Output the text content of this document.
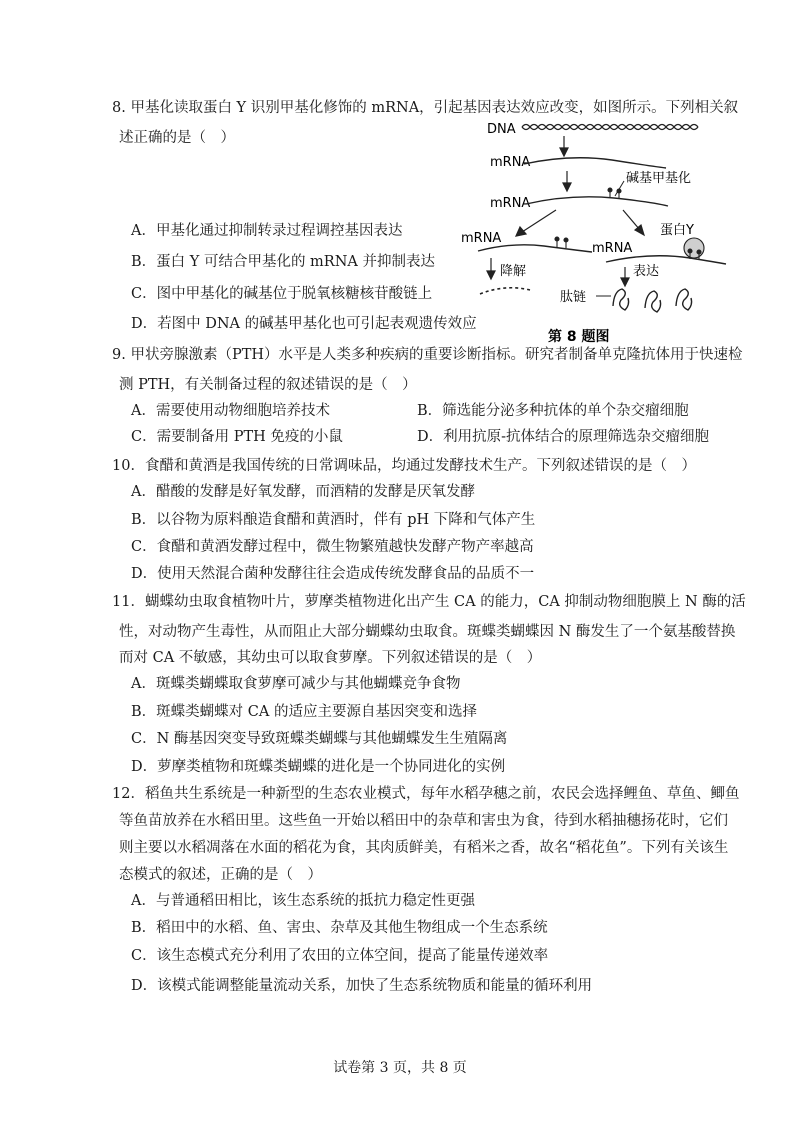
8. 甲基化读取蛋白 Y 识别甲基化修饰的 mRNA，引起基因表达效应改变，如图所示。下列相关叙
述正确的是（　）
A．甲基化通过抑制转录过程调控基因表达
B．蛋白 Y 可结合甲基化的 mRNA 并抑制表达
C．图中甲基化的碱基位于脱氧核糖核苷酸链上
D．若图中 DNA 的碱基甲基化也可引起表观遗传效应
DNA
mRNA
碱基甲基化
mRNA
mRNA
mRNA
蛋白Y
降解	表达
肽链
第 8 题图
9. 甲状旁腺激素（PTH）水平是人类多种疾病的重要诊断指标。研究者制备单克隆抗体用于快速检
测 PTH，有关制备过程的叙述错误的是（　）
A．需要使用动物细胞培养技术	B．筛选能分泌多种抗体的单个杂交瘤细胞
C．需要制备用 PTH 免疫的小鼠	D．利用抗原-抗体结合的原理筛选杂交瘤细胞
10．食醋和黄酒是我国传统的日常调味品，均通过发酵技术生产。下列叙述错误的是（　）
A．醋酸的发酵是好氧发酵，而酒精的发酵是厌氧发酵
B．以谷物为原料酿造食醋和黄酒时，伴有 pH 下降和气体产生
C．食醋和黄酒发酵过程中，微生物繁殖越快发酵产物产率越高
D．使用天然混合菌种发酵往往会造成传统发酵食品的品质不一
11．蝴蝶幼虫取食植物叶片，萝摩类植物进化出产生 CA 的能力，CA 抑制动物细胞膜上 N 酶的活
性，对动物产生毒性，从而阻止大部分蝴蝶幼虫取食。斑蝶类蝴蝶因 N 酶发生了一个氨基酸替换
而对 CA 不敏感，其幼虫可以取食萝摩。下列叙述错误的是（　）
A．斑蝶类蝴蝶取食萝摩可减少与其他蝴蝶竞争食物
B．斑蝶类蝴蝶对 CA 的适应主要源自基因突变和选择
C．N 酶基因突变导致斑蝶类蝴蝶与其他蝴蝶发生生殖隔离
D．萝摩类植物和斑蝶类蝴蝶的进化是一个协同进化的实例
12．稻鱼共生系统是一种新型的生态农业模式，每年水稻孕穗之前，农民会选择鲤鱼、草鱼、鲫鱼
等鱼苗放养在水稻田里。这些鱼一开始以稻田中的杂草和害虫为食，待到水稻抽穗扬花时，它们
则主要以水稻凋落在水面的稻花为食，其肉质鲜美，有稻米之香，故名“稻花鱼”。下列有关该生
态模式的叙述，正确的是（　）
A．与普通稻田相比，该生态系统的抵抗力稳定性更强
B．稻田中的水稻、鱼、害虫、杂草及其他生物组成一个生态系统
C．该生态模式充分利用了农田的立体空间，提高了能量传递效率
D．该模式能调整能量流动关系，加快了生态系统物质和能量的循环利用
试卷第 3 页，共 8 页
